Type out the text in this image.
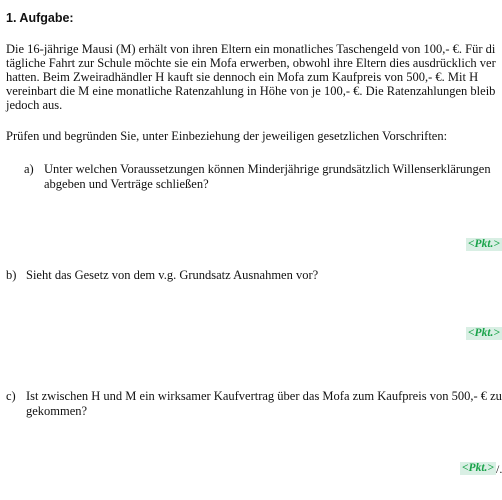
1. Aufgabe:
Die 16-jährige Mausi (M) erhält von ihren Eltern ein monatliches Taschengeld von 100,- €. Für di
tägliche Fahrt zur Schule möchte sie ein Mofa erwerben, obwohl ihre Eltern dies ausdrücklich ver
hatten. Beim Zweiradhändler H kauft sie dennoch ein Mofa zum Kaufpreis von 500,- €. Mit H
vereinbart die M eine monatliche Ratenzahlung in Höhe von je 100,- €. Die Ratenzahlungen bleib
jedoch aus.
Prüfen und begründen Sie, unter Einbeziehung der jeweiligen gesetzlichen Vorschriften:
a) Unter welchen Voraussetzungen können Minderjährige grundsätzlich Willenserklärungen
abgeben und Verträge schließen?
<Pkt.>
b) Sieht das Gesetz von dem v.g. Grundsatz Ausnahmen vor?
<Pkt.>
c) Ist zwischen H und M ein wirksamer Kaufvertrag über das Mofa zum Kaufpreis von 500,- € zu
gekommen?
<Pkt.> /.
